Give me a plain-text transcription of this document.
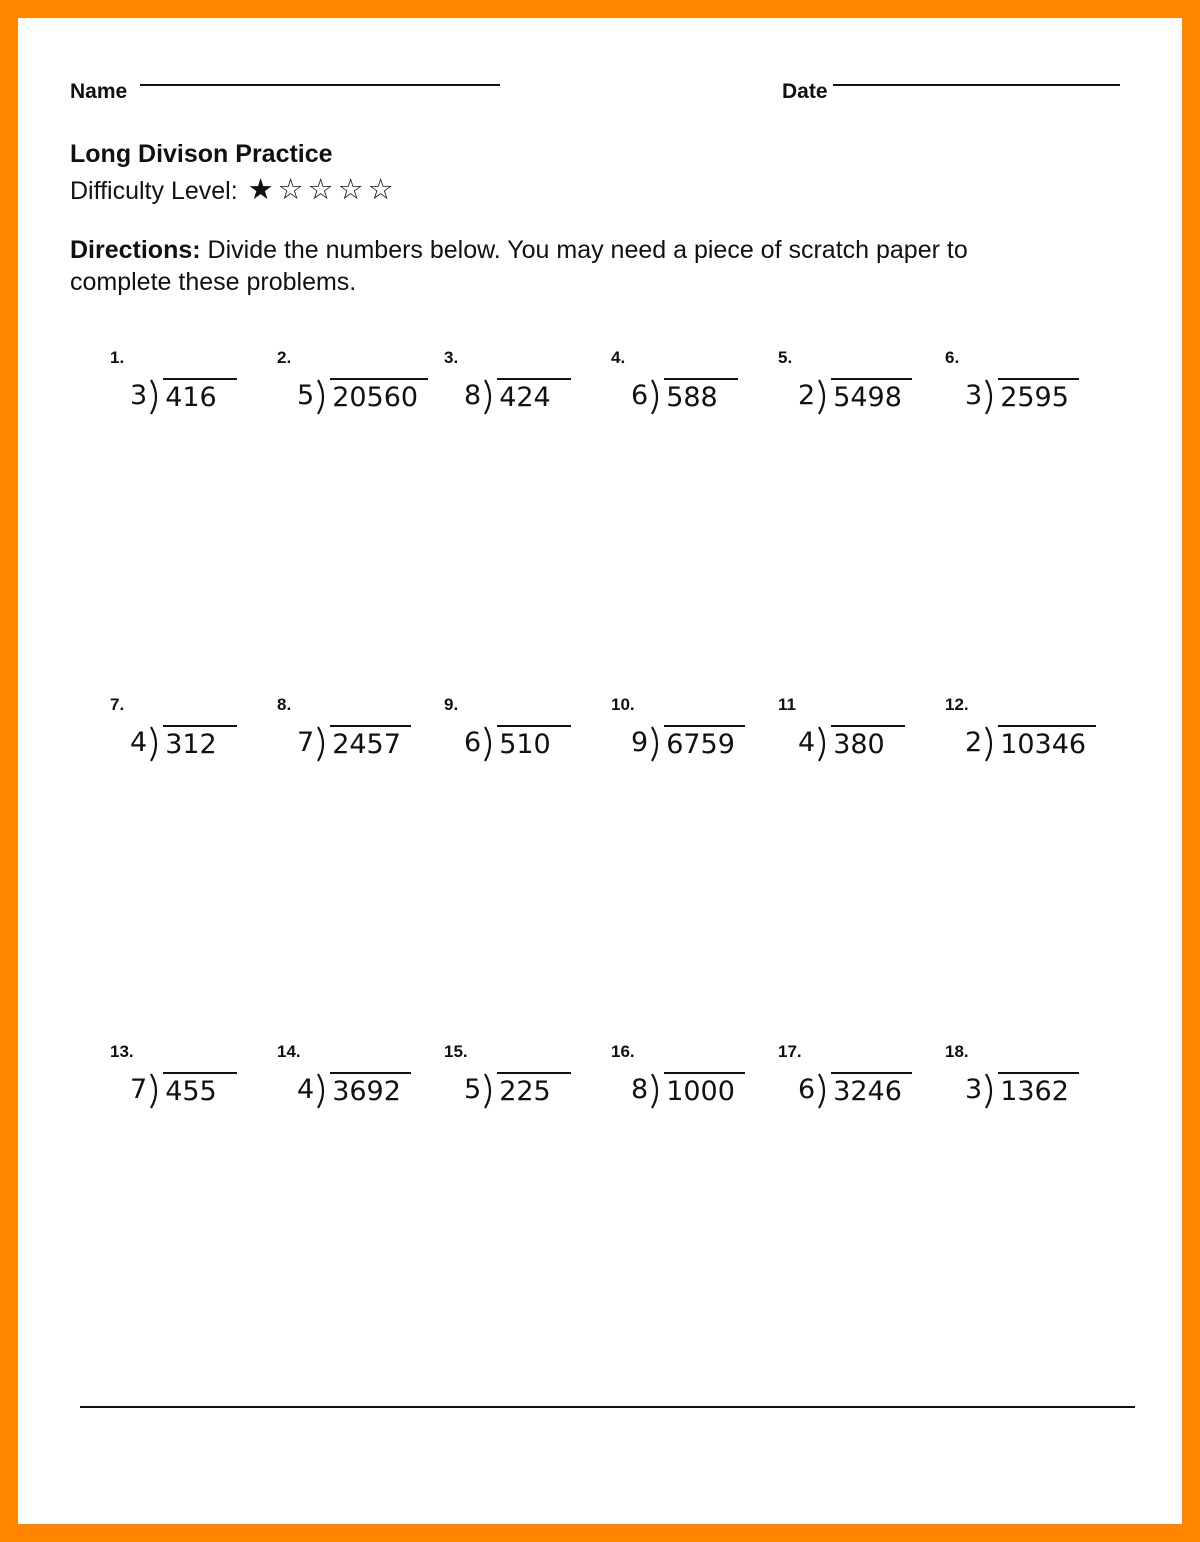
Name	Date
Long Divison Practice
Difficulty Level: ★☆☆☆☆
Directions: Divide the numbers below. You may need a piece of scratch paper to complete these problems.
1.
3 416
2.
5 20560
3.
8 424
4.
6 588
5.
2 5498
6.
3 2595
7.
4 312
8.
7 2457
9.
6 510
10.
9 6759
11
4 380
12.
2 10346
13.
7 455
14.
4 3692
15.
5 225
16.
8 1000
17.
6 3246
18.
3 1362
